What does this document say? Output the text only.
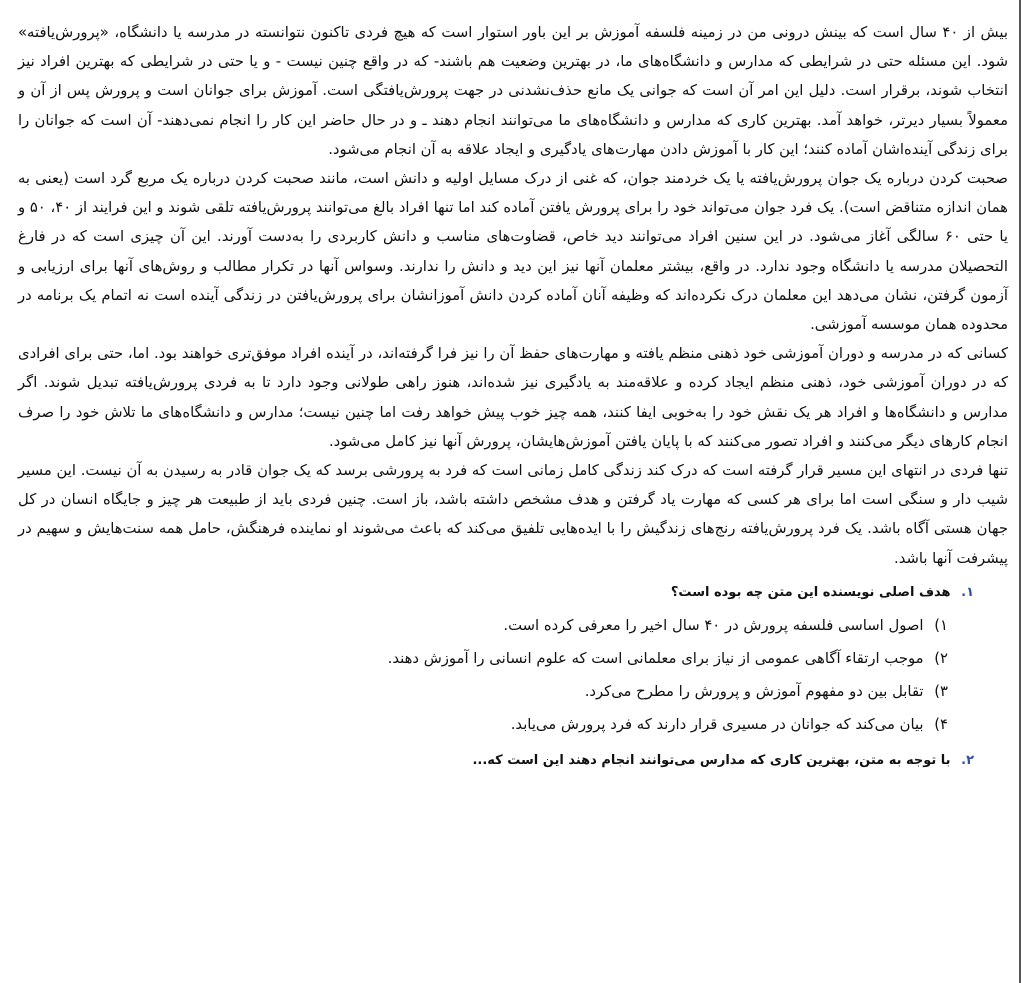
بیش از ۴۰ سال است که بینش درونی من در زمینه فلسفه آموزش بر این باور استوار است که هیچ فردی تاکنون نتوانسته در مدرسه یا دانشگاه، «پرورش‌یافته» شود. این مسئله حتی در شرایطی که مدارس و دانشگاه‌های ما، در بهترین وضعیت هم باشند- که در واقع چنین نیست - و یا حتی در شرایطی که بهترین افراد نیز انتخاب شوند، برقرار است. دلیل این امر آن است که جوانی یک مانع حذف‌نشدنی در جهت پرورش‌یافتگی است. آموزش برای جوانان است و پرورش پس از آن و معمولاً بسیار دیرتر، خواهد آمد. بهترین کاری که مدارس و دانشگاه‌های ما می‌توانند انجام دهند ـ و در حال حاضر این کار را انجام نمی‌دهند- آن است که جوانان را برای زندگی آینده‌اشان آماده کنند؛ این کار با آموزش دادن مهارت‌های یادگیری و ایجاد علاقه به آن انجام می‌شود.

صحبت کردن درباره یک جوان پرورش‌یافته یا یک خردمند جوان، که غنی از درک مسایل اولیه و دانش است، مانند صحبت کردن درباره یک مربع گرد است (یعنی به همان اندازه متناقض است). یک فرد جوان می‌تواند خود را برای پرورش یافتن آماده کند اما تنها افراد بالغ می‌توانند پرورش‌یافته تلقی شوند و این فرایند از ۴۰، ۵۰ و یا حتی ۶۰ سالگی آغاز می‌شود. در این سنین افراد می‌توانند دید خاص، قضاوت‌های مناسب و دانش کاربردی را به‌دست آورند. این آن چیزی است که در فارغ التحصیلان مدرسه یا دانشگاه وجود ندارد. در واقع، بیشتر معلمان آنها نیز این دید و دانش را ندارند. وسواس آنها در تکرار مطالب و روش‌های آنها برای ارزیابی و آزمون گرفتن، نشان می‌دهد این معلمان درک نکرده‌اند که وظیفه آنان آماده کردن دانش آموزانشان برای پرورش‌یافتن در زندگی آینده است نه اتمام یک برنامه در محدوده همان موسسه آموزشی.

کسانی که در مدرسه و دوران آموزشی خود ذهنی منظم یافته و مهارت‌های حفظ آن را نیز فرا گرفته‌اند، در آینده افراد موفق‌تری خواهند بود. اما، حتی برای افرادی که در دوران آموزشی خود، ذهنی منظم ایجاد کرده و علاقه‌مند به یادگیری نیز شده‌اند، هنوز راهی طولانی وجود دارد تا به فردی پرورش‌یافته تبدیل شوند. اگر مدارس و دانشگاه‌ها و افراد هر یک نقش خود را به‌خوبی ایفا کنند، همه چیز خوب پیش خواهد رفت اما چنین نیست؛ مدارس و دانشگاه‌های ما تلاش خود را صرف انجام کارهای دیگر می‌کنند و افراد تصور می‌کنند که با پایان یافتن آموزش‌هایشان، پرورش آنها نیز کامل می‌شود.

تنها فردی در انتهای این مسیر قرار گرفته است که درک کند زندگی کامل زمانی است که فرد به پرورشی برسد که یک جوان قادر به رسیدن به آن نیست. این مسیر شیب دار و سنگی است اما برای هر کسی که مهارت یاد گرفتن و هدف مشخص داشته باشد، باز است. چنین فردی باید از طبیعت هر چیز و جایگاه انسان در کل جهان هستی آگاه باشد. یک فرد پرورش‌یافته رنج‌های زندگیش را با ایده‌هایی تلفیق می‌کند که باعث می‌شوند او نماینده فرهنگش، حامل همه سنت‌هایش و سهیم در پیشرفت آنها باشد.

۱. هدف اصلی نویسنده این متن چه بوده است؟
۱) اصول اساسی فلسفه پرورش در ۴۰ سال اخیر را معرفی کرده است.
۲) موجب ارتقاء آگاهی عمومی از نیاز برای معلمانی است که علوم انسانی را آموزش دهند.
۳) تقابل بین دو مفهوم آموزش و پرورش را مطرح می‌کرد.
۴) بیان می‌کند که جوانان در مسیری قرار دارند که فرد پرورش می‌یابد.
۲. با توجه به متن، بهترین کاری که مدارس می‌توانند انجام دهند این است که...
